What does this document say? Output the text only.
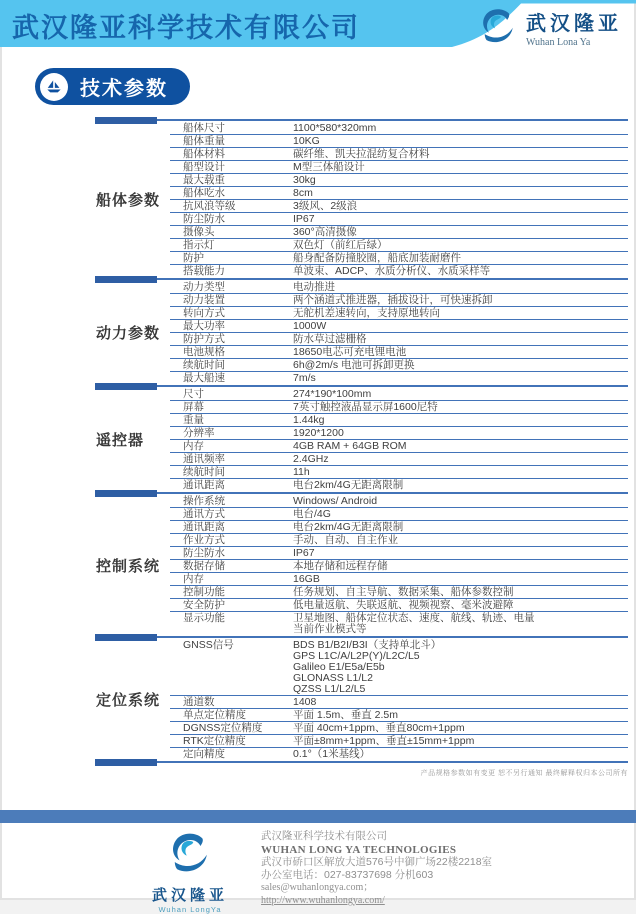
武汉隆亚科学技术有限公司	武汉隆亚
Wuhan Lona Ya
技术参数
船体参数
船体尺寸	1100*580*320mm
船体重量	10KG
船体材料	碳纤维、凯夫拉混纺复合材料
船型设计	M型三体船设计
最大载重	30kg
船体吃水	8cm
抗风浪等级	3级风、2级浪
防尘防水	IP67
摄像头	360°高清摄像
指示灯	双色灯（前红后绿）
防护	船身配备防撞胶圈，船底加装耐磨件
搭载能力	单波束、ADCP、水质分析仪、水质采样等
动力参数
动力类型	电动推进
动力装置	两个涵道式推进器，插拔设计，可快速拆卸
转向方式	无舵机差速转向，支持原地转向
最大功率	1000W
防护方式	防水草过滤栅格
电池规格	18650电芯可充电锂电池
续航时间	6h@2m/s 电池可拆卸更换
最大船速	7m/s
遥控器
尺寸	274*190*100mm
屏幕	7英寸触控液晶显示屏1600尼特
重量	1.44kg
分辨率	1920*1200
内存	4GB RAM + 64GB ROM
通讯频率	2.4GHz
续航时间	11h
通讯距离	电台2km/4G无距离限制
控制系统
操作系统	Windows/ Android
通讯方式	电台/4G
通讯距离	电台2km/4G无距离限制
作业方式	手动、自动、自主作业
防尘防水	IP67
数据存储	本地存储和远程存储
内存	16GB
控制功能	任务规划、自主导航、数据采集、船体参数控制
安全防护	低电量返航、失联返航、视频视察、毫米波避障
显示功能	卫星地图、船体定位状态、速度、航线、轨迹、电量
当前作业模式等
定位系统
GNSS信号	BDS B1/B2I/B3I（支持单北斗）
GPS L1C/A/L2P(Y)/L2C/L5
Galileo E1/E5a/E5b
GLONASS L1/L2
QZSS L1/L2/L5
通道数	1408
单点定位精度	平面 1.5m、垂直 2.5m
DGNSS定位精度	平面 40cm+1ppm、垂直80cm+1ppm
RTK定位精度	平面±8mm+1ppm、垂直±15mm+1ppm
定向精度	0.1°（1米基线）
产品规格参数如有变更 恕不另行通知 最终解释权归本公司所有
武汉隆亚
Wuhan LongYa
武汉隆亚科学技术有限公司
WUHAN LONG YA TECHNOLOGIES
武汉市硚口区解放大道576号中御广场22楼2218室
办公室电话：027-83737698 分机603
sales@wuhanlongya.com；
http://www.wuhanlongya.com/
